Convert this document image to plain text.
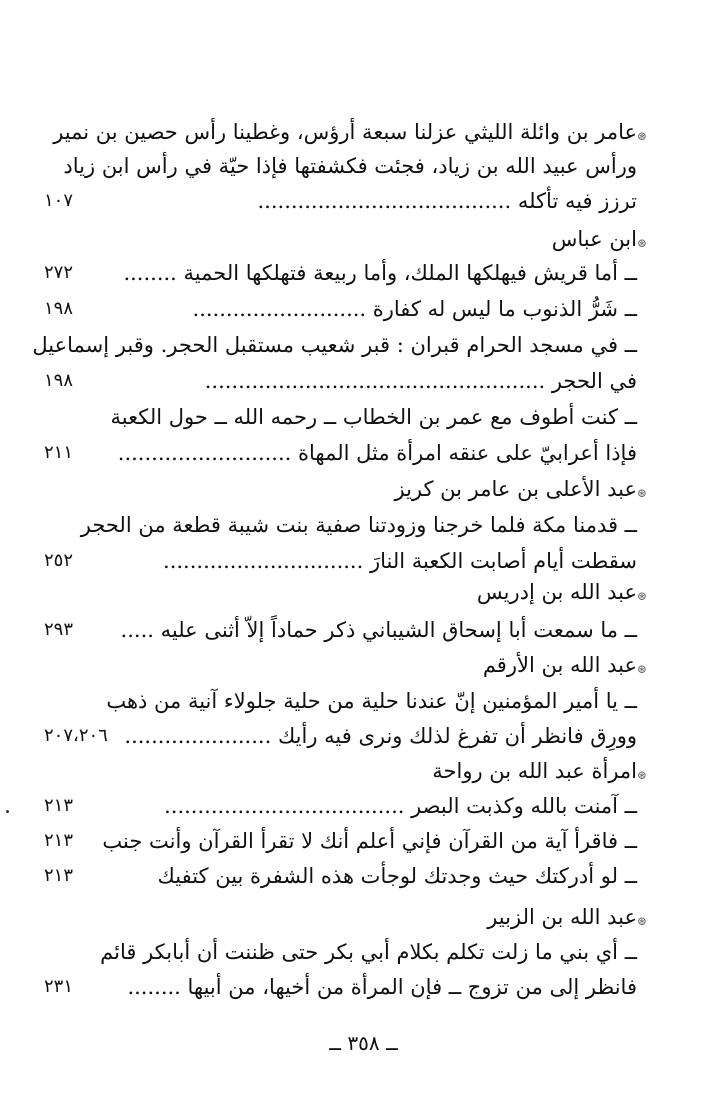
⊛
عامر بن وائلة الليثي عزلنا سبعة أرؤس، وغطينا رأس حصين بن نمير
ورأس عبيد الله بن زياد، فجئت فكشفتها فإذا حيّة في رأس ابن زياد
ترزز فيه تأكله ......................................
١٠٧
⊛
ابن عباس
ــ أما قريش فيهلكها الملك، وأما ربيعة فتهلكها الحمية ........
٢٧٢
ــ شَرُّ الذنوب ما ليس له كفارة ..........................
١٩٨
ــ في مسجد الحرام قبران : قبر شعيب مستقبل الحجر. وقبر إسماعيل
في الحجر ...................................................
١٩٨
ــ كنت أطوف مع عمر بن الخطاب ــ رحمه الله ــ حول الكعبة
فإذا أعرابيّ على عنقه امرأة مثل المهاة ..........................
٢١١
⊛
عبد الأعلى بن عامر بن كريز
ــ قدمنا مكة فلما خرجنا وزودتنا صفية بنت شيبة قطعة من الحجر
سقطت أيام أصابت الكعبة النارَ ..............................
٢٥٢
⊛
عبد الله بن إدريس
ــ ما سمعت أبا إسحاق الشيباني ذكر حماداً إلاّ أثنى عليه .....
٢٩٣
⊛
عبد الله بن الأرقم
ــ يا أمير المؤمنين إنّ عندنا حلية من حلية جلولاء آنية من ذهب
وورِق فانظر أن تفرغ لذلك ونرى فيه رأيك ......................
٢٠٧،٢٠٦
⊛
امرأة عبد الله بن رواحة
ــ آمنت بالله وكذبت البصر ....................................
٢١٣
ــ فاقرأ آية من القرآن فإني أعلم أنك لا تقرأ القرآن وأنت جنب
٢١٣
ــ لو أدركتك حيث وجدتك لوجأت هذه الشفرة بين كتفيك
٢١٣
⊛
عبد الله بن الزبير
ــ أي بني ما زلت تكلم بكلام أبي بكر حتى ظننت أن أبابكر قائم
فانظر إلى من تزوج ــ فإن المرأة من أخيها، من أبيها ........
٢٣١
ــ ٣٥٨ ــ
